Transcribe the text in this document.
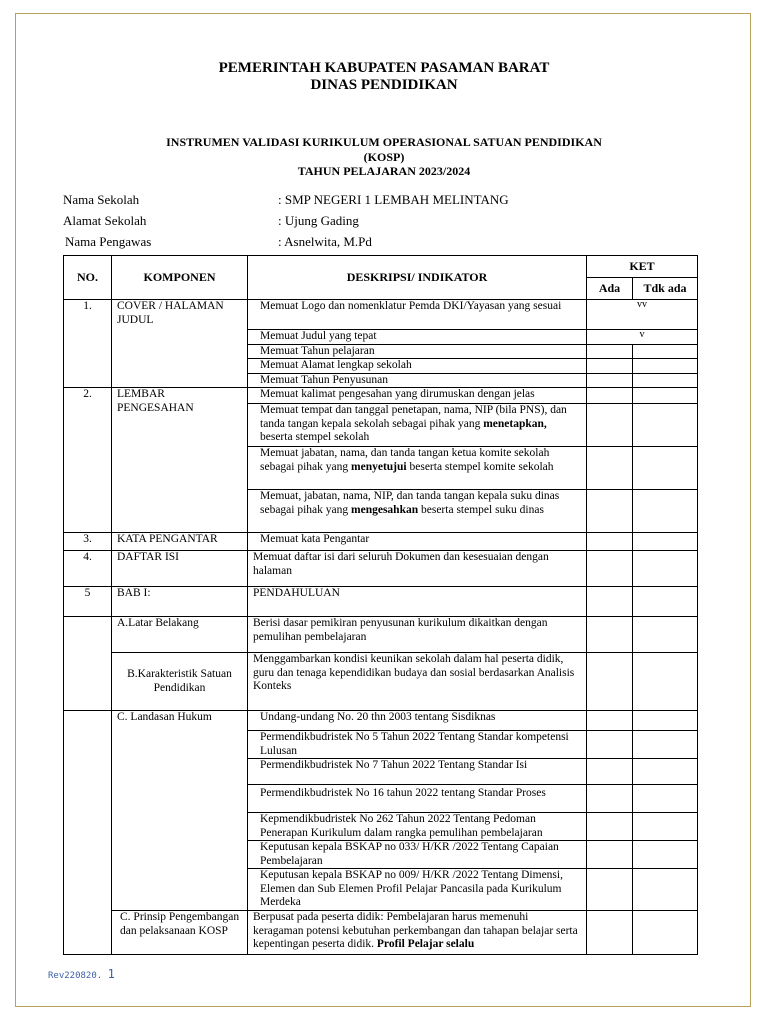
PEMERINTAH KABUPATEN PASAMAN BARAT
DINAS PENDIDIKAN
INSTRUMEN VALIDASI KURIKULUM OPERASIONAL SATUAN PENDIDIKAN
(KOSP)
TAHUN PELAJARAN 2023/2024
Nama Sekolah	: SMP NEGERI 1 LEMBAH MELINTANG
Alamat Sekolah	: Ujung Gading
Nama Pengawas	: Asnelwita, M.Pd
NO.	KOMPONEN	DESKRIPSI/ INDIKATOR	KET	
			Ada	Tdk ada
1.	COVER / HALAMAN JUDUL	Memuat Logo dan nomenklatur Pemda DKI/Yayasan yang sesuai	vv	
		Memuat Judul yang tepat	v	
		Memuat Tahun pelajaran		
		Memuat Alamat lengkap sekolah		
		Memuat Tahun Penyusunan		
2.	LEMBAR PENGESAHAN	Memuat kalimat pengesahan yang dirumuskan dengan jelas		
		Memuat tempat dan tanggal penetapan, nama, NIP (bila PNS), dan tanda tangan kepala sekolah sebagai pihak yang menetapkan, beserta stempel sekolah		
		Memuat jabatan, nama, dan tanda tangan ketua komite sekolah sebagai pihak yang menyetujui beserta stempel komite sekolah		
		Memuat, jabatan, nama, NIP, dan tanda tangan kepala suku dinas sebagai pihak yang mengesahkan beserta stempel suku dinas		
3.	KATA PENGANTAR	Memuat kata Pengantar		
4.	DAFTAR ISI	Memuat daftar isi dari seluruh Dokumen dan kesesuaian dengan halaman		
5	BAB I:	PENDAHULUAN		
	A.Latar Belakang	Berisi dasar pemikiran penyusunan kurikulum dikaitkan dengan pemulihan pembelajaran		
	B.Karakteristik Satuan Pendidikan	Menggambarkan kondisi keunikan sekolah dalam hal peserta didik, guru dan tenaga kependidikan budaya dan sosial berdasarkan Analisis Konteks		
	C. Landasan Hukum	Undang-undang No. 20 thn 2003 tentang Sisdiknas		
		Permendikbudristek No 5 Tahun 2022 Tentang Standar kompetensi Lulusan		
		Permendikbudristek No 7 Tahun 2022 Tentang Standar Isi		
		Permendikbudristek No 16 tahun 2022 tentang Standar Proses		
		Kepmendikbudristek No 262 Tahun 2022 Tentang Pedoman Penerapan Kurikulum dalam rangka pemulihan pembelajaran		
		Keputusan kepala BSKAP no 033/ H/KR /2022 Tentang Capaian Pembelajaran		
		Keputusan kepala BSKAP no 009/ H/KR /2022 Tentang Dimensi, Elemen dan Sub Elemen Profil Pelajar Pancasila pada Kurikulum Merdeka		
	C. Prinsip Pengembangan dan pelaksanaan KOSP	Berpusat pada peserta didik: Pembelajaran harus memenuhi keragaman potensi kebutuhan perkembangan dan tahapan belajar serta kepentingan peserta didik. Profil Pelajar selalu		
Rev220820. 1
